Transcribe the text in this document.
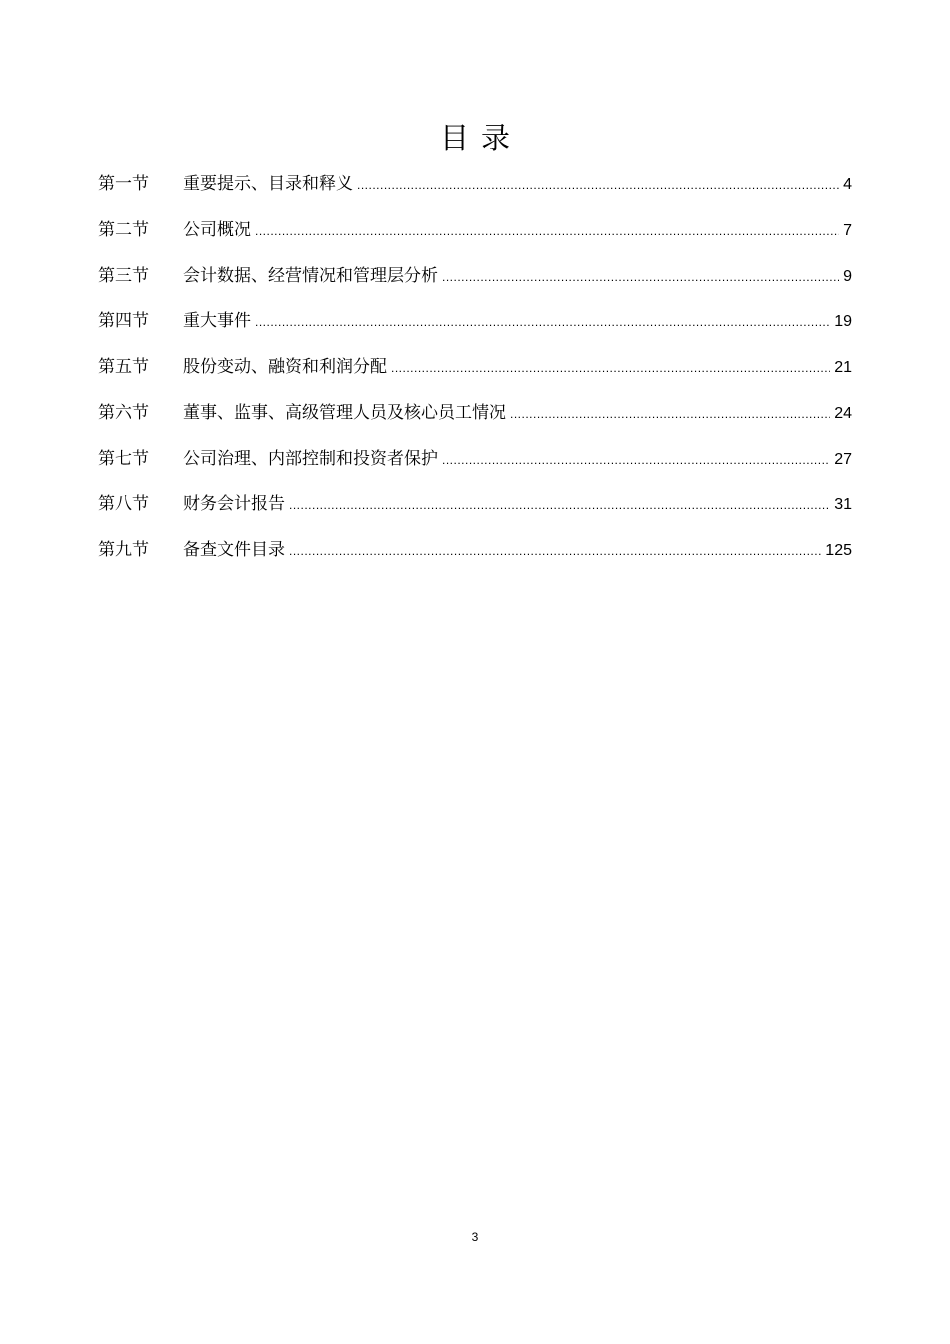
目录
第一节	重要提示、目录和释义 .....	4
第二节	公司概况 .....	7
第三节	会计数据、经营情况和管理层分析 .....	9
第四节	重大事件 .....	19
第五节	股份变动、融资和利润分配 .....	21
第六节	董事、监事、高级管理人员及核心员工情况 .....	24
第七节	公司治理、内部控制和投资者保护 .....	27
第八节	财务会计报告 .....	31
第九节	备查文件目录 .....	125
3
